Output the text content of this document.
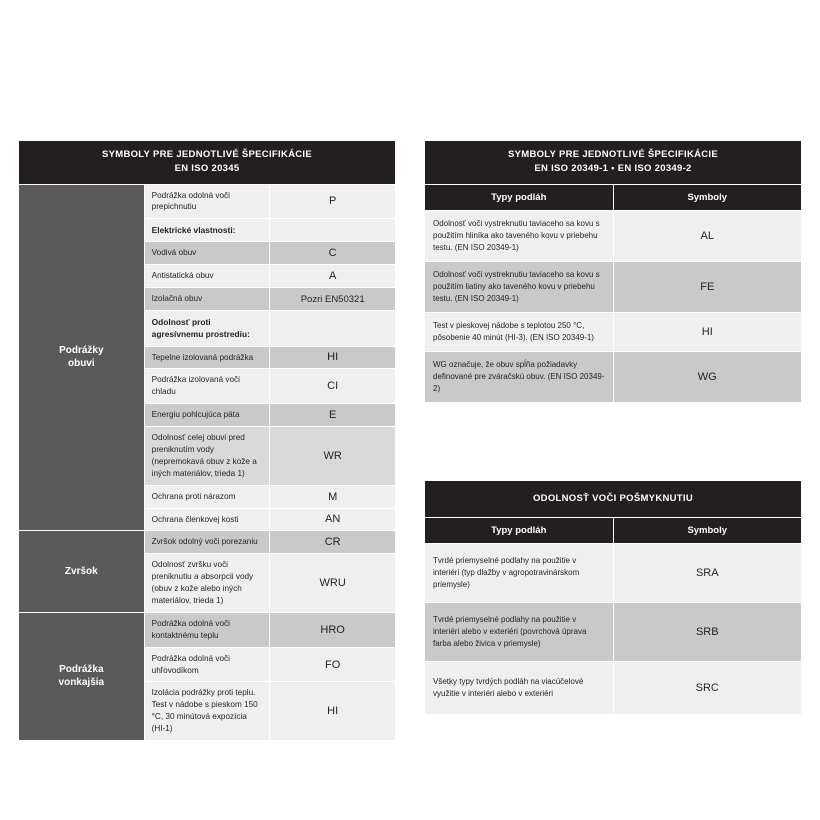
SYMBOLY PRE JEDNOTLIVÉ ŠPECIFIKÁCIE
EN ISO 20345		

Podrážky
obuvi	Podrážka odolná voči prepichnutiu	P
	Elektrické vlastnosti:	
	Vodivá obuv	C
	Antistatická obuv	A
	Izolačná obuv	Pozri EN50321
	Odolnosť proti agresívnemu prostrediu:	
	Tepelne izolovaná podrážka	HI
	Podrážka izolovaná voči chladu	CI
	Energiu pohlcujúca päta	E
	Odolnosť celej obuvi pred preniknutím vody (nepremokavá obuv z kože a iných materiálov, trieda 1)	WR
	Ochrana proti nárazom	M
	Ochrana členkovej kosti	AN
Zvršok	Zvršok odolný voči porezaniu	CR
	Odolnosť zvršku voči preniknutiu a absorpcii vody (obuv z kože alebo iných materiálov, trieda 1)	WRU
Podrážka
vonkajšia	Podrážka odolná voči kontaktnému teplu	HRO
	Podrážka odolná voči uhľovodíkom	FO
	Izolácia podrážky proti teplu. Test v nádobe s pieskom 150 °C, 30 minútová expozícia (HI-1)	HI
SYMBOLY PRE JEDNOTLIVÉ ŠPECIFIKÁCIE
EN ISO 20349-1 • EN ISO 20349-2	

Typy podláh	Symboly
Odolnosť voči vystreknutiu taviaceho sa kovu s použitím hliníka ako taveného kovu v priebehu testu. (EN ISO 20349-1)	AL
Odolnosť voči vystreknutiu taviaceho sa kovu s použitím liatiny ako taveného kovu v priebehu testu. (EN ISO 20349-1)	FE
Test v pieskovej nádobe s teplotou 250 °C, pôsobenie 40 minút (HI-3). (EN ISO 20349-1)	HI
WG označuje, že obuv spĺňa požiadavky definované pre zváračskú obuv. (EN ISO 20349-2)	WG
ODOLNOSŤ VOČI POŠMYKNUTIU	
Typy podláh	Symboly
Tvrdé priemyselné podlahy na použitie v interiéri (typ dlažby v agropotravinárskom priemysle)	SRA
Tvrdé priemyselné podlahy na použitie v interiéri alebo v exteriéri (povrchová úprava farba alebo živica v priemysle)	SRB
Všetky typy tvrdých podláh na viacúčelové využitie v interiéri alebo v exteriéri	SRC
